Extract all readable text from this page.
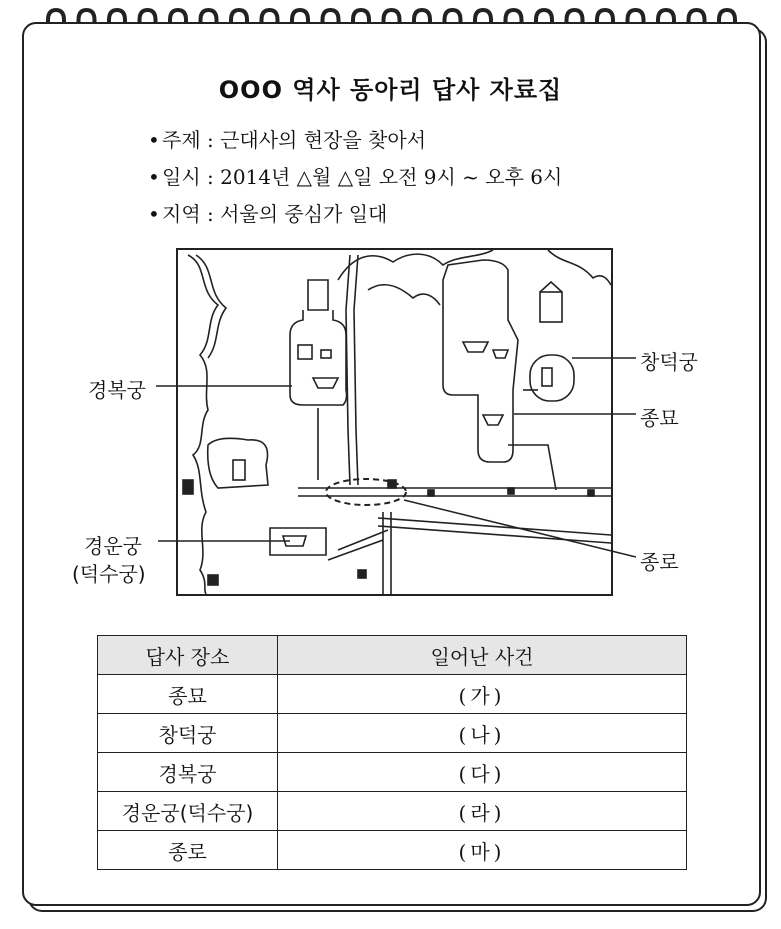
OOO 역사 동아리 답사 자료집
• 주제 : 근대사의 현장을 찾아서
• 일시 : 2014년 △월 △일 오전 9시 ~ 오후 6시
• 지역 : 서울의 중심가 일대
창덕궁
경복궁
종묘
경운궁
(덕수궁)	종로
답사 장소	일어난 사건
종묘	(가)
창덕궁	(나)
경복궁	(다)
경운궁(덕수궁)	(라)
종로	(마)
